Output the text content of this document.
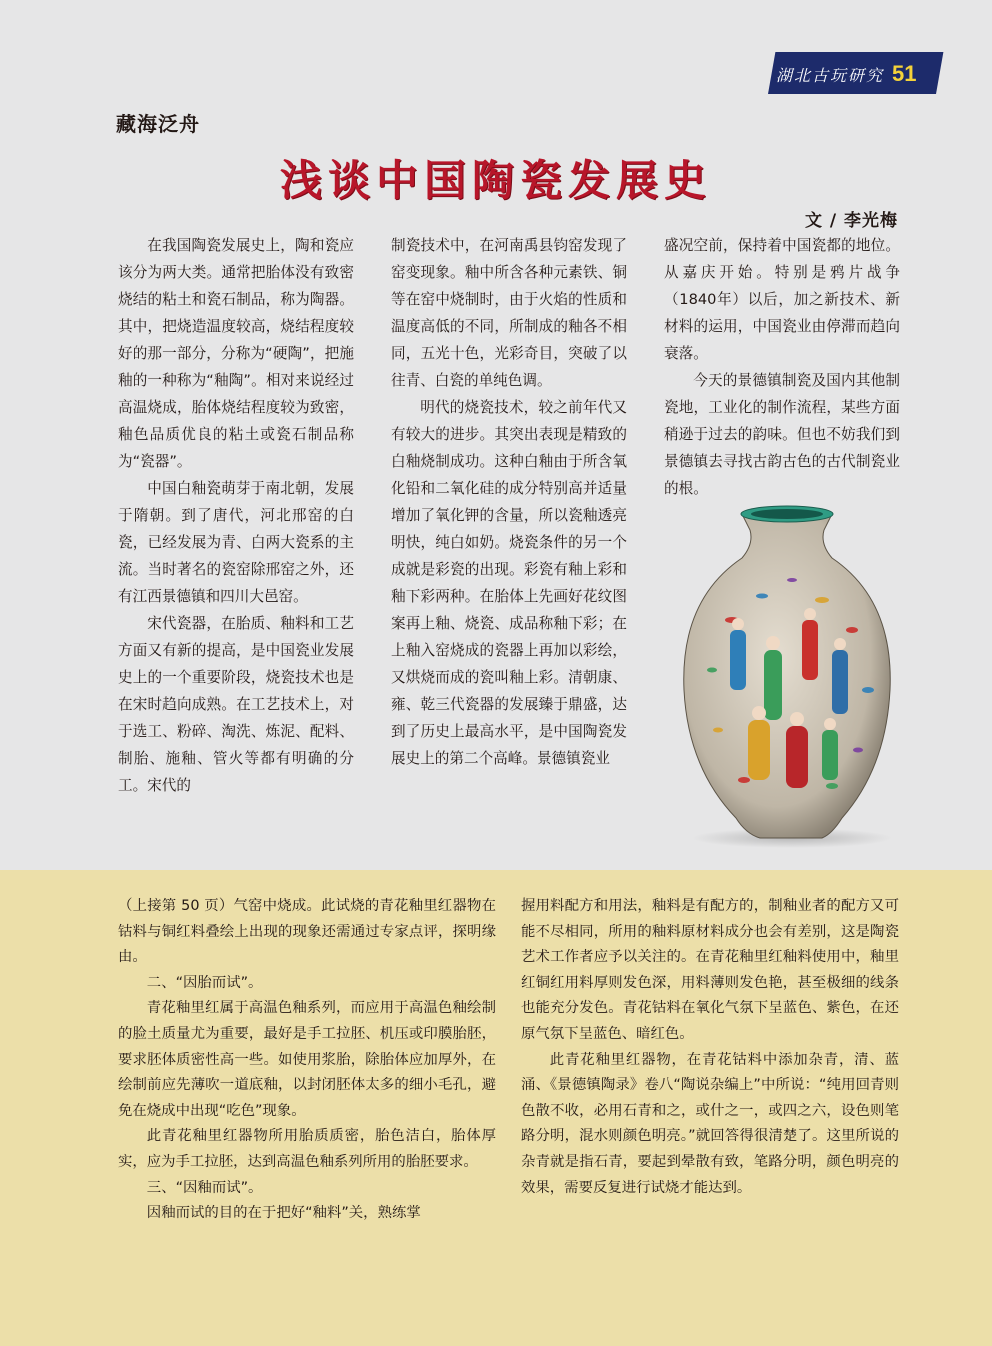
湖北古玩研究 51
藏海泛舟
浅谈中国陶瓷发展史
文 / 李光梅

在我国陶瓷发展史上，陶和瓷应该分为两大类。通常把胎体没有致密烧结的粘土和瓷石制品，称为陶器。其中，把烧造温度较高，烧结程度较好的那一部分，分称为“硬陶”，把施釉的一种称为“釉陶”。相对来说经过高温烧成，胎体烧结程度较为致密，釉色品质优良的粘土或瓷石制品称为“瓷器”。

中国白釉瓷萌芽于南北朝，发展于隋朝。到了唐代，河北邢窑的白瓷，已经发展为青、白两大瓷系的主流。当时著名的瓷窑除邢窑之外，还有江西景德镇和四川大邑窑。

宋代瓷器，在胎质、釉料和工艺方面又有新的提高，是中国瓷业发展史上的一个重要阶段，烧瓷技术也是在宋时趋向成熟。在工艺技术上，对于选工、粉碎、淘洗、炼泥、配料、制胎、施釉、管火等都有明确的分工。宋代的

制瓷技术中，在河南禹县钧窑发现了窑变现象。釉中所含各种元素铁、铜等在窑中烧制时，由于火焰的性质和温度高低的不同，所制成的釉各不相同，五光十色，光彩奇目，突破了以往青、白瓷的单纯色调。

明代的烧瓷技术，较之前年代又有较大的进步。其突出表现是精致的白釉烧制成功。这种白釉由于所含氧化铅和二氧化硅的成分特别高并适量增加了氧化钾的含量，所以瓷釉透亮明快，纯白如奶。烧瓷条件的另一个成就是彩瓷的出现。彩瓷有釉上彩和釉下彩两种。在胎体上先画好花纹图案再上釉、烧瓷、成品称釉下彩；在上釉入窑烧成的瓷器上再加以彩绘，又烘烧而成的瓷叫釉上彩。清朝康、雍、乾三代瓷器的发展臻于鼎盛，达到了历史上最高水平，是中国陶瓷发展史上的第二个高峰。景德镇瓷业

盛况空前，保持着中国瓷都的地位。从嘉庆开始。特别是鸦片战争（1840年）以后，加之新技术、新材料的运用，中国瓷业由停滞而趋向衰落。

今天的景德镇制瓷及国内其他制瓷地，工业化的制作流程，某些方面稍逊于过去的韵味。但也不妨我们到景德镇去寻找古韵古色的古代制瓷业的根。

（上接第 50 页）气窑中烧成。此试烧的青花釉里红器物在钴料与铜红料叠绘上出现的现象还需通过专家点评，探明缘由。

二、“因胎而试”。

青花釉里红属于高温色釉系列，而应用于高温色釉绘制的脸土质量尤为重要，最好是手工拉胚、机压或印膜胎胚，要求胚体质密性高一些。如使用浆胎，除胎体应加厚外，在绘制前应先薄吹一道底釉，以封闭胚体太多的细小毛孔，避免在烧成中出现“吃色”现象。

此青花釉里红器物所用胎质质密，胎色洁白，胎体厚实，应为手工拉胚，达到高温色釉系列所用的胎胚要求。

三、“因釉而试”。

因釉而试的目的在于把好“釉料”关，熟练掌

握用料配方和用法，釉料是有配方的，制釉业者的配方又可能不尽相同，所用的釉料原材料成分也会有差别，这是陶瓷艺术工作者应予以关注的。在青花釉里红釉料使用中，釉里红铜红用料厚则发色深，用料薄则发色艳，甚至极细的线条也能充分发色。青花钴料在氧化气氛下呈蓝色、紫色，在还原气氛下呈蓝色、暗红色。

此青花釉里红器物，在青花钴料中添加杂青，清、蓝涌、《景德镇陶录》卷八“陶说杂编上”中所说：“纯用回青则色散不收，必用石青和之，或什之一，或四之六，设色则笔路分明，混水则颜色明亮。”就回答得很清楚了。这里所说的杂青就是指石青，要起到晕散有致，笔路分明，颜色明亮的效果，需要反复进行试烧才能达到。
